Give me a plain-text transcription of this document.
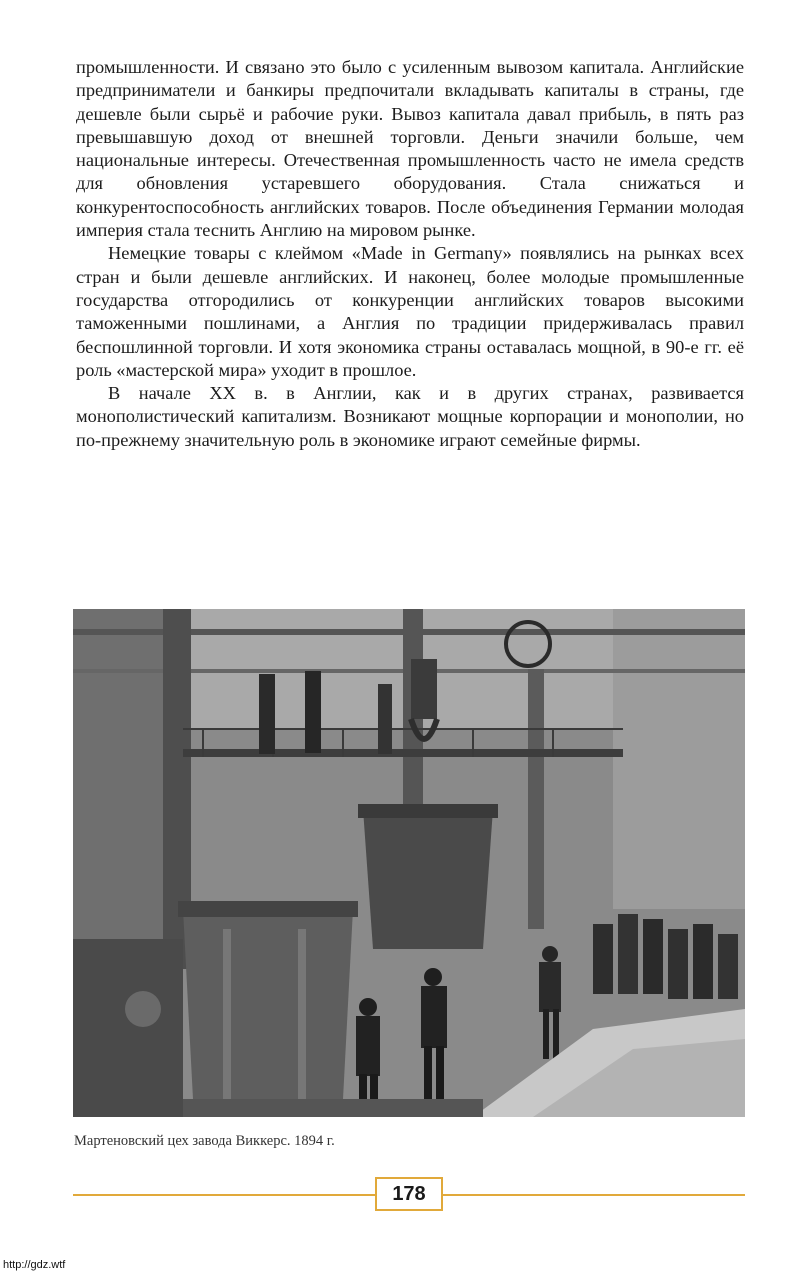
промышленности. И связано это было с усиленным вывозом капитала. Английские предприниматели и банкиры предпочитали вкладывать капиталы в страны, где дешевле были сырьё и рабочие руки. Вывоз капитала давал прибыль, в пять раз превышавшую доход от внешней торговли. Деньги значили больше, чем национальные интересы. Отечественная промышленность часто не имела средств для обновления устаревшего оборудования. Стала снижаться и конкурентоспособность английских товаров. После объединения Германии молодая империя стала теснить Англию на мировом рынке.

Немецкие товары с клеймом «Made in Germany» появлялись на рынках всех стран и были дешевле английских. И наконец, более молодые промышленные государства отгородились от конкуренции английских товаров высокими таможенными пошлинами, а Англия по традиции придерживалась правил беспошлинной торговли. И хотя экономика страны оставалась мощной, в 90-е гг. её роль «мастерской мира» уходит в прошлое.

В начале XX в. в Англии, как и в других странах, развивается монополистический капитализм. Возникают мощные корпорации и монополии, но по-прежнему значительную роль в экономике играют семейные фирмы.

Мартеновский цех завода Виккерс. 1894 г.
178
http://gdz.wtf
